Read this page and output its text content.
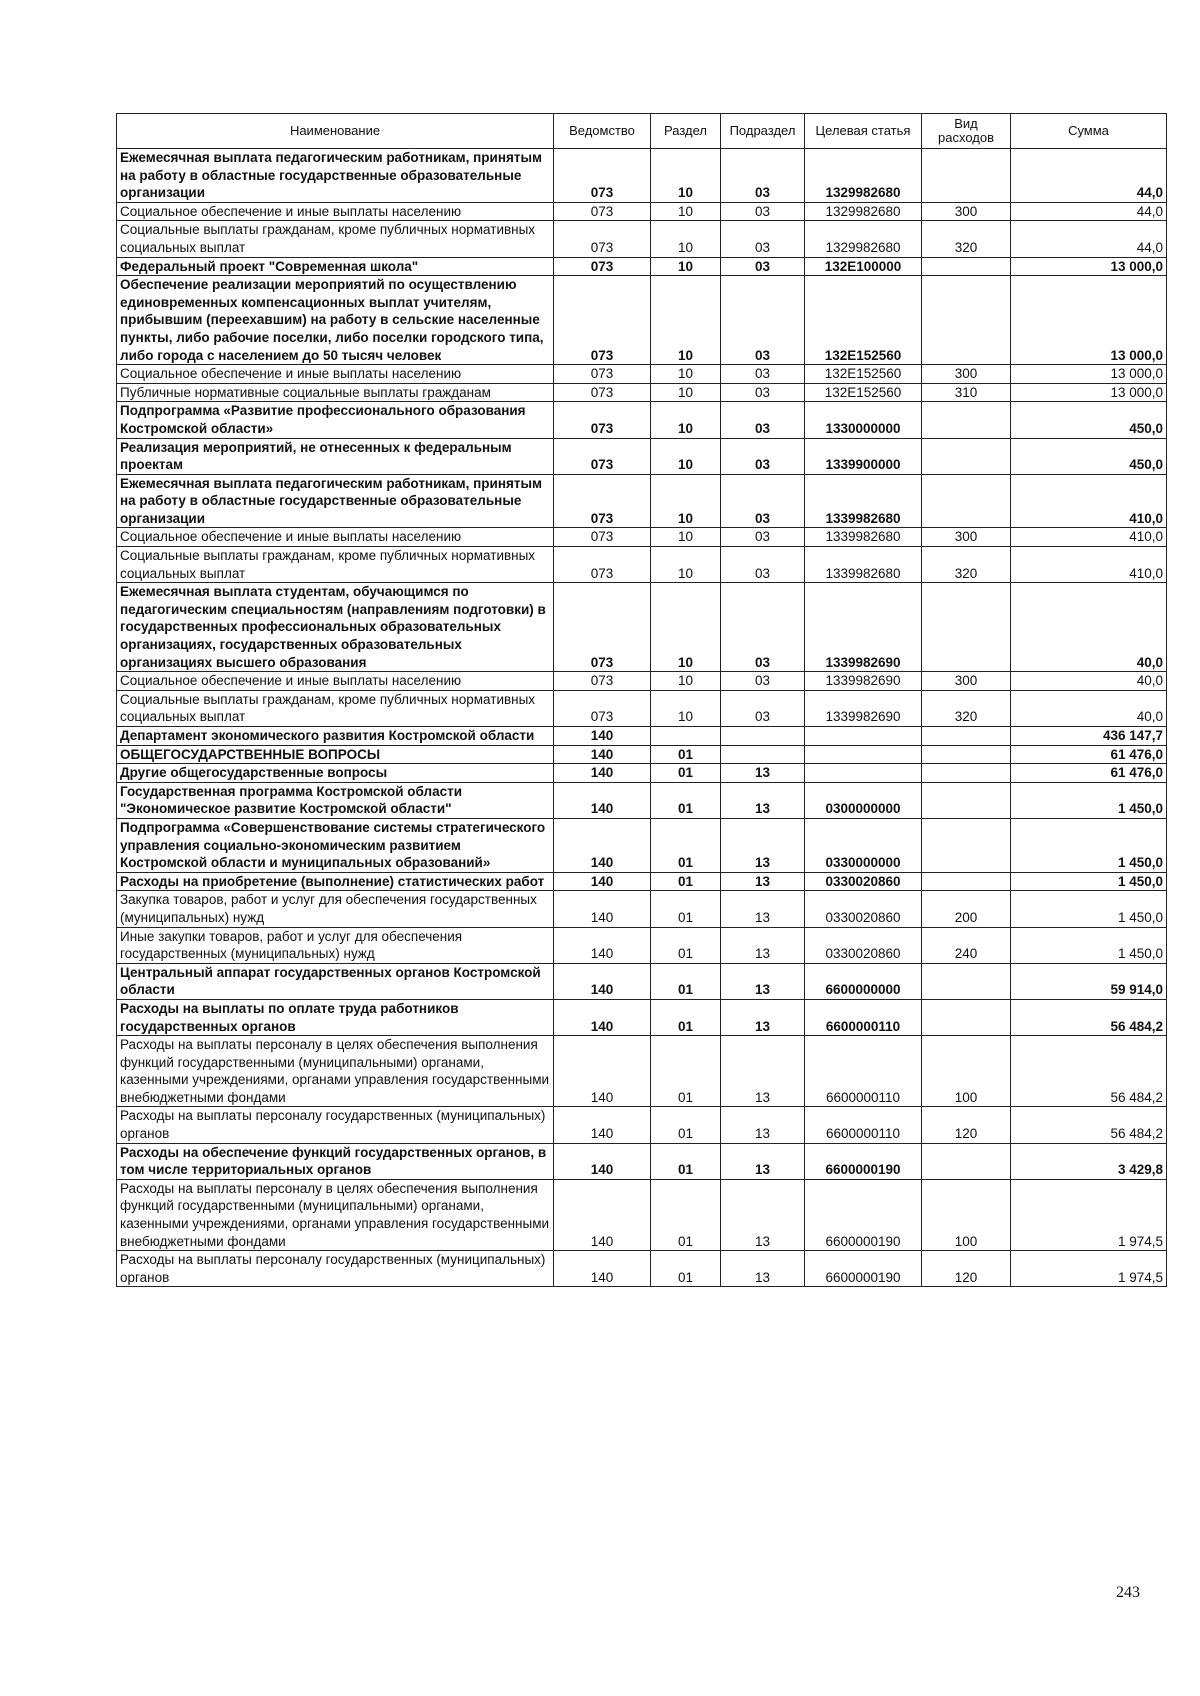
Наименование	Ведомство	Раздел	Подраздел	Целевая статья	Вид расходов	Сумма
Ежемесячная выплата педагогическим работникам, принятым на работу в областные государственные образовательные организации	073	10	03	1329982680		44,0
Социальное обеспечение и иные выплаты населению	073	10	03	1329982680	300	44,0
Социальные выплаты гражданам, кроме публичных нормативных социальных выплат	073	10	03	1329982680	320	44,0
Федеральный проект "Современная школа"	073	10	03	132E100000		13 000,0
Обеспечение реализации мероприятий по осуществлению единовременных компенсационных выплат учителям, прибывшим (переехавшим) на работу в сельские населенные пункты, либо рабочие поселки, либо поселки городского типа, либо города с населением до 50 тысяч человек	073	10	03	132E152560		13 000,0
Социальное обеспечение и иные выплаты населению	073	10	03	132E152560	300	13 000,0
Публичные нормативные социальные выплаты гражданам	073	10	03	132E152560	310	13 000,0
Подпрограмма «Развитие профессионального образования Костромской области»	073	10	03	1330000000		450,0
Реализация мероприятий, не отнесенных к федеральным проектам	073	10	03	1339900000		450,0
Ежемесячная выплата педагогическим работникам, принятым на работу в областные государственные образовательные организации	073	10	03	1339982680		410,0
Социальное обеспечение и иные выплаты населению	073	10	03	1339982680	300	410,0
Социальные выплаты гражданам, кроме публичных нормативных социальных выплат	073	10	03	1339982680	320	410,0
Ежемесячная выплата студентам, обучающимся по педагогическим специальностям (направлениям подготовки) в государственных профессиональных образовательных организациях, государственных образовательных организациях высшего образования	073	10	03	1339982690		40,0
Социальное обеспечение и иные выплаты населению	073	10	03	1339982690	300	40,0
Социальные выплаты гражданам, кроме публичных нормативных социальных выплат	073	10	03	1339982690	320	40,0
Департамент экономического развития Костромской области	140					436 147,7
ОБЩЕГОСУДАРСТВЕННЫЕ ВОПРОСЫ	140	01				61 476,0
Другие общегосударственные вопросы	140	01	13			61 476,0
Государственная программа Костромской области "Экономическое развитие Костромской области"	140	01	13	0300000000		1 450,0
Подпрограмма «Совершенствование системы стратегического управления социально-экономическим развитием Костромской области и муниципальных образований»	140	01	13	0330000000		1 450,0
Расходы на приобретение (выполнение) статистических работ	140	01	13	0330020860		1 450,0
Закупка товаров, работ и услуг для обеспечения государственных (муниципальных) нужд	140	01	13	0330020860	200	1 450,0
Иные закупки товаров, работ и услуг для обеспечения государственных (муниципальных) нужд	140	01	13	0330020860	240	1 450,0
Центральный аппарат государственных органов Костромской области	140	01	13	6600000000		59 914,0
Расходы на выплаты по оплате труда работников государственных органов	140	01	13	6600000110		56 484,2
Расходы на выплаты персоналу в целях обеспечения выполнения функций государственными (муниципальными) органами, казенными учреждениями, органами управления государственными внебюджетными фондами	140	01	13	6600000110	100	56 484,2
Расходы на выплаты персоналу государственных (муниципальных) органов	140	01	13	6600000110	120	56 484,2
Расходы на обеспечение функций государственных органов, в том числе территориальных органов	140	01	13	6600000190		3 429,8
Расходы на выплаты персоналу в целях обеспечения выполнения функций государственными (муниципальными) органами, казенными учреждениями, органами управления государственными внебюджетными фондами	140	01	13	6600000190	100	1 974,5
Расходы на выплаты персоналу государственных (муниципальных) органов	140	01	13	6600000190	120	1 974,5
243
